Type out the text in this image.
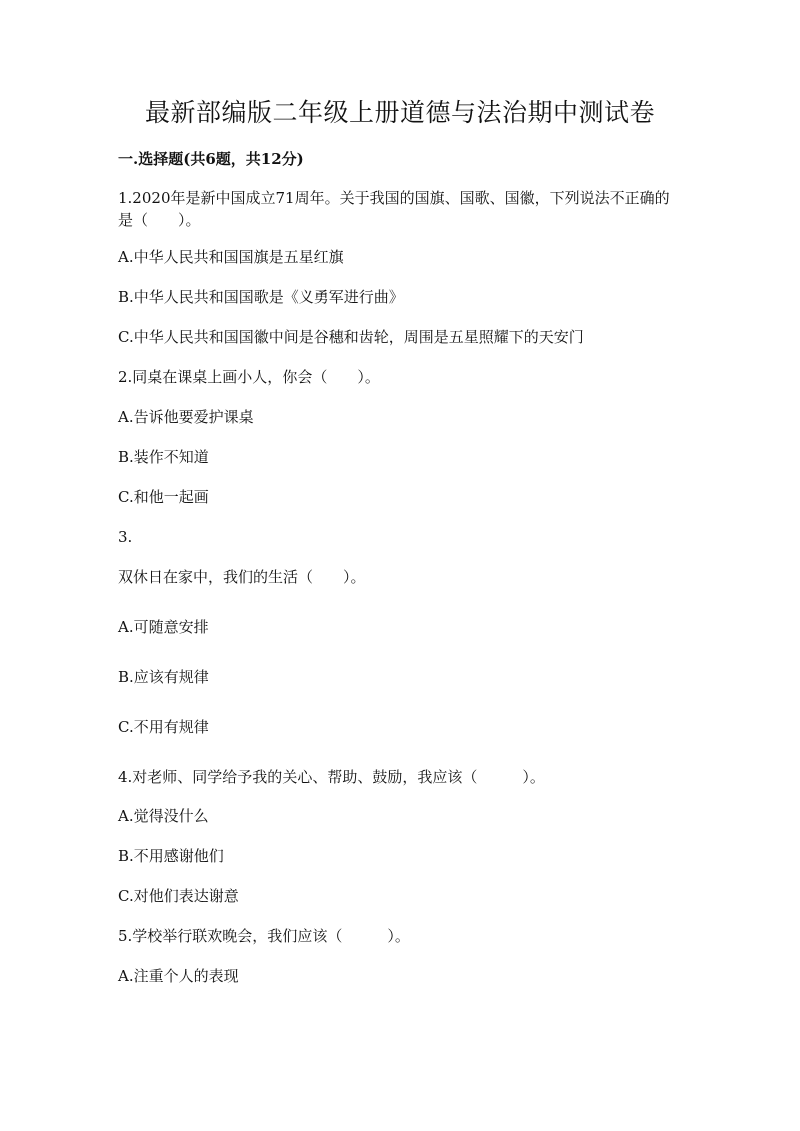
最新部编版二年级上册道德与法治期中测试卷
一.选择题(共6题，共12分)
1.2020年是新中国成立71周年。关于我国的国旗、国歌、国徽，下列说法不正确的是（　　）。
A.中华人民共和国国旗是五星红旗
B.中华人民共和国国歌是《义勇军进行曲》
C.中华人民共和国国徽中间是谷穗和齿轮，周围是五星照耀下的天安门
2.同桌在课桌上画小人，你会（　　）。
A.告诉他要爱护课桌
B.装作不知道
C.和他一起画
3.
双休日在家中，我们的生活（　　）。
A.可随意安排
B.应该有规律
C.不用有规律
4.对老师、同学给予我的关心、帮助、鼓励，我应该（　　　）。
A.觉得没什么
B.不用感谢他们
C.对他们表达谢意
5.学校举行联欢晚会，我们应该（　　　）。
A.注重个人的表现
